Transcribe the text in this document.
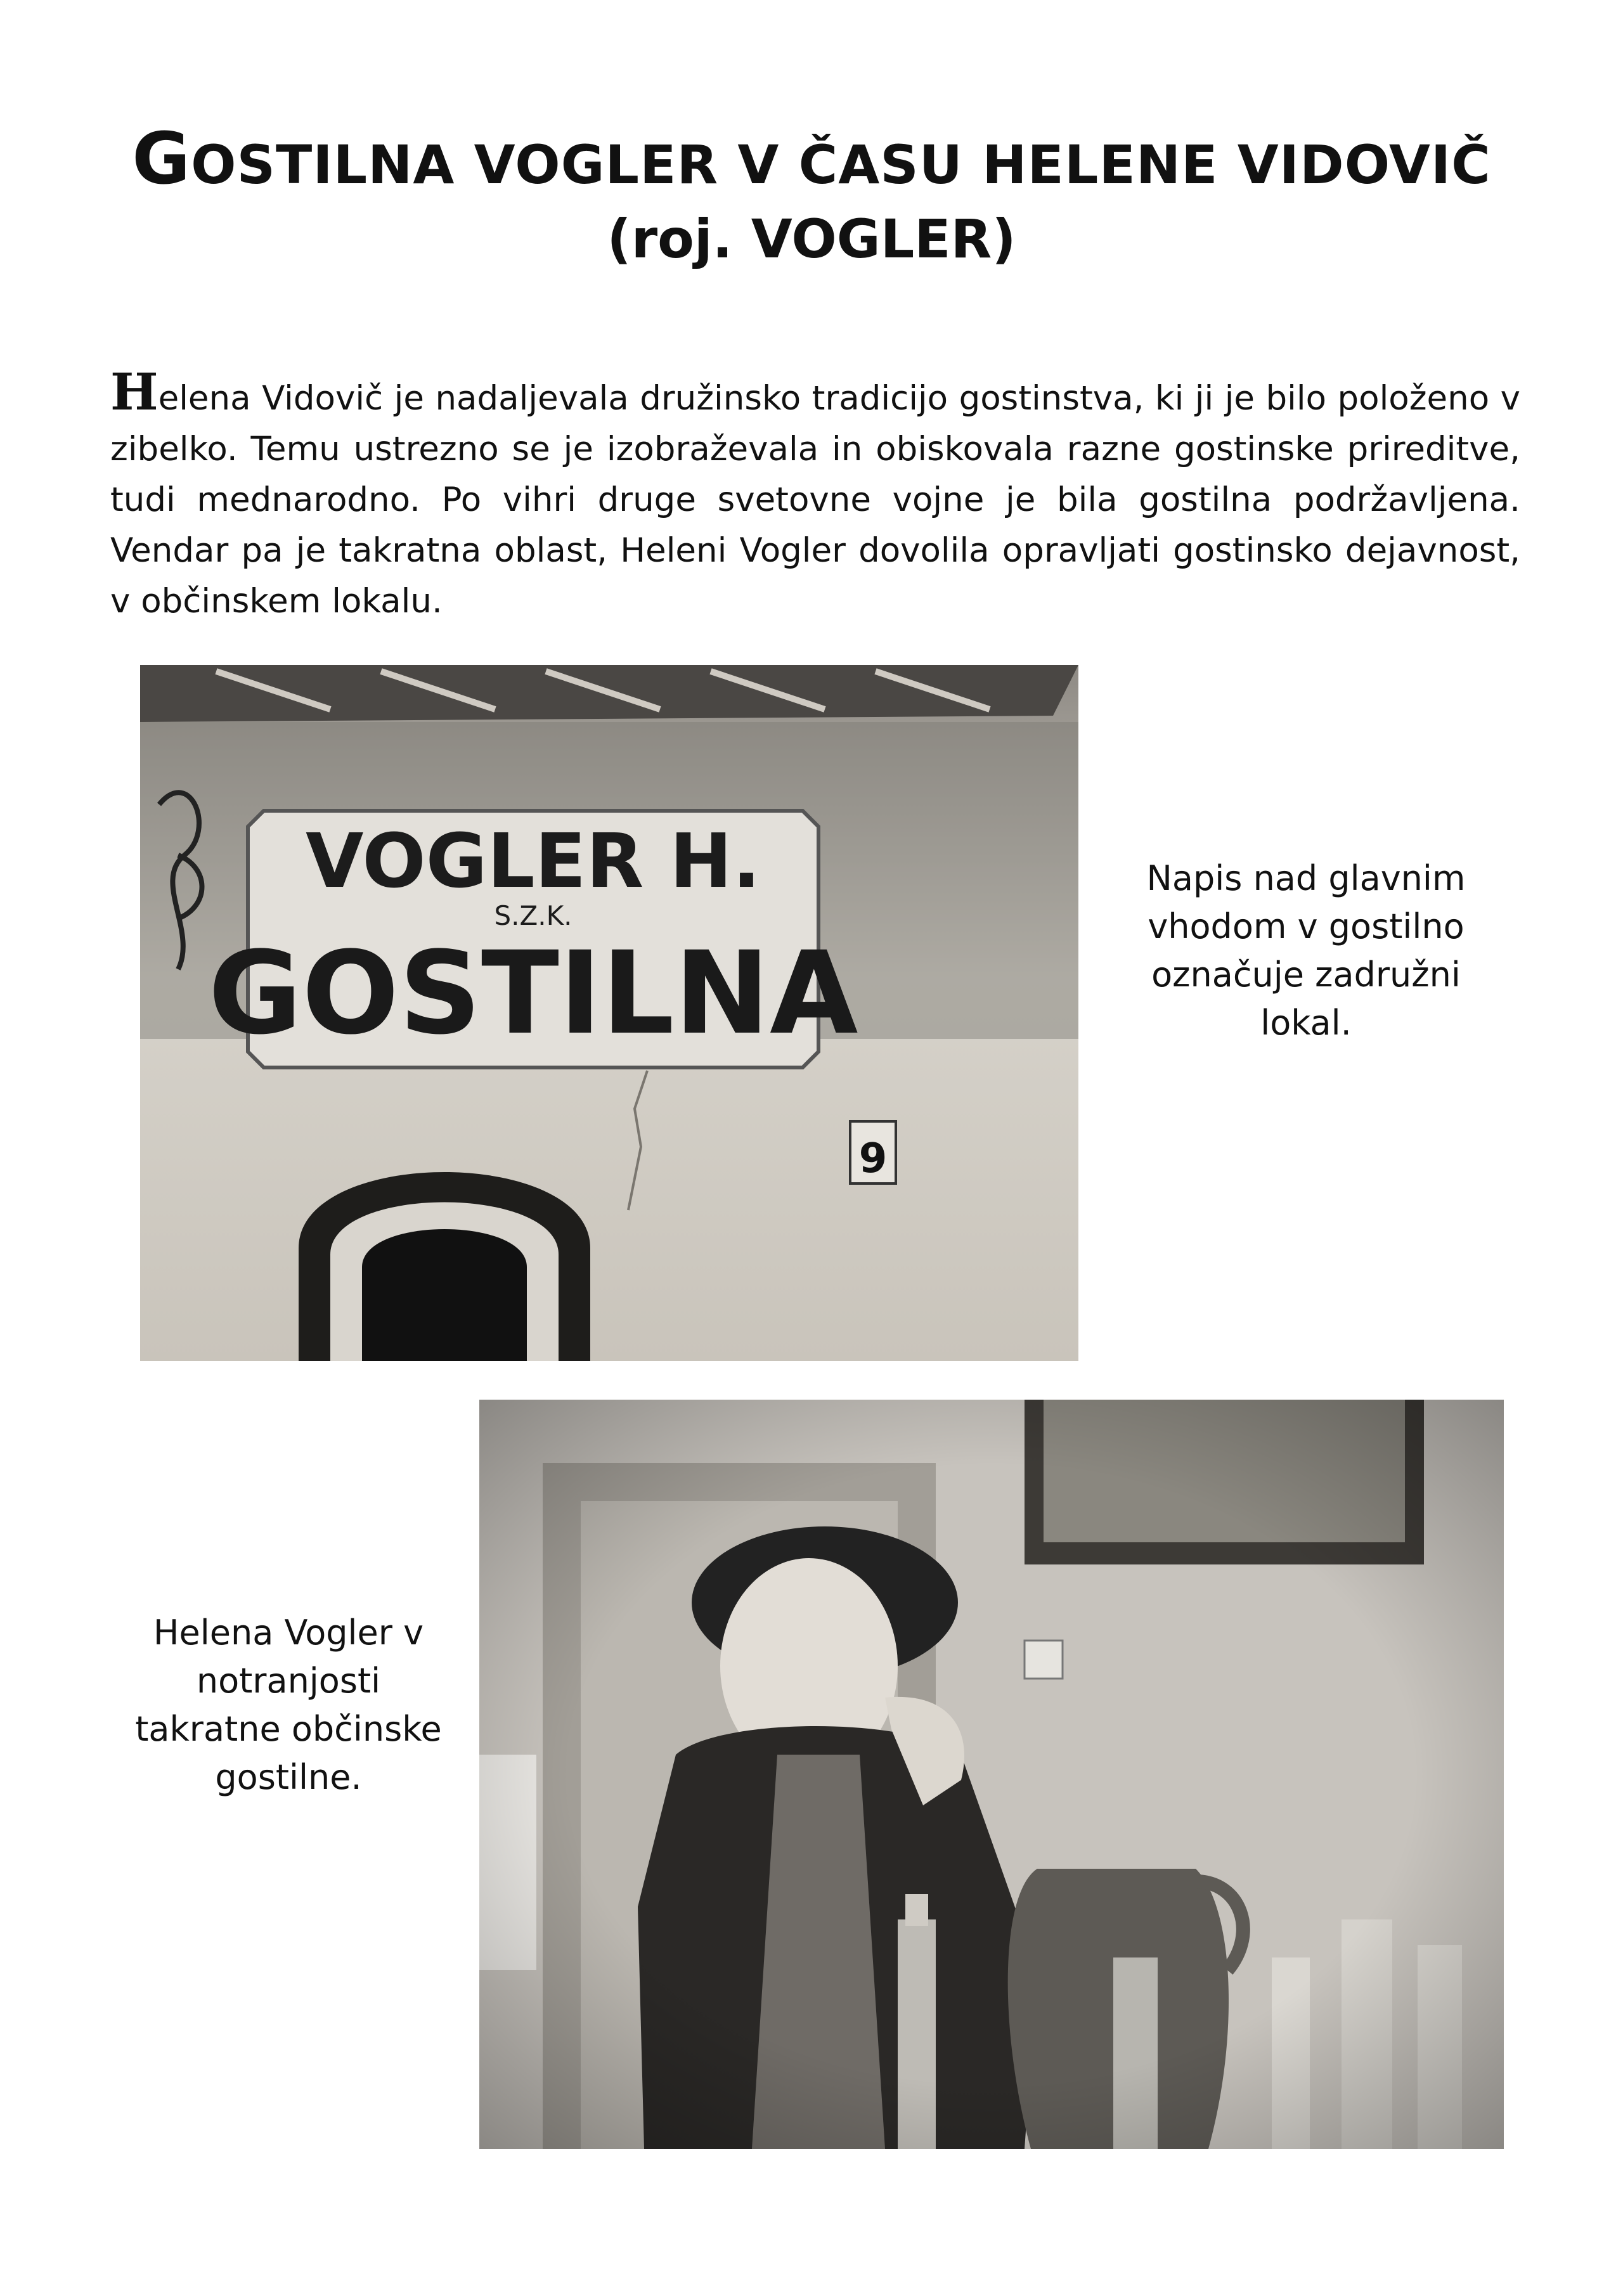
GOSTILNA VOGLER V ČASU HELENE VIDOVIČ
(roj. VOGLER)

Helena Vidovič je nadaljevala družinsko tradicijo gostinstva, ki ji je bilo položeno v zibelko. Temu ustrezno se je izobraževala in obiskovala razne gostinske prireditve, tudi mednarodno. Po vihri druge svetovne vojne je bila gostilna podržavljena. Vendar pa je takratna oblast, Heleni Vogler dovolila opravljati gostinsko dejavnost, v občinskem lokalu.

VOGLER H.
S.Z.K.
GOSTILNA
9

Napis nad glavnim vhodom v gostilno označuje zadružni lokal.

Helena Vogler v notranjosti takratne občinske gostilne.
